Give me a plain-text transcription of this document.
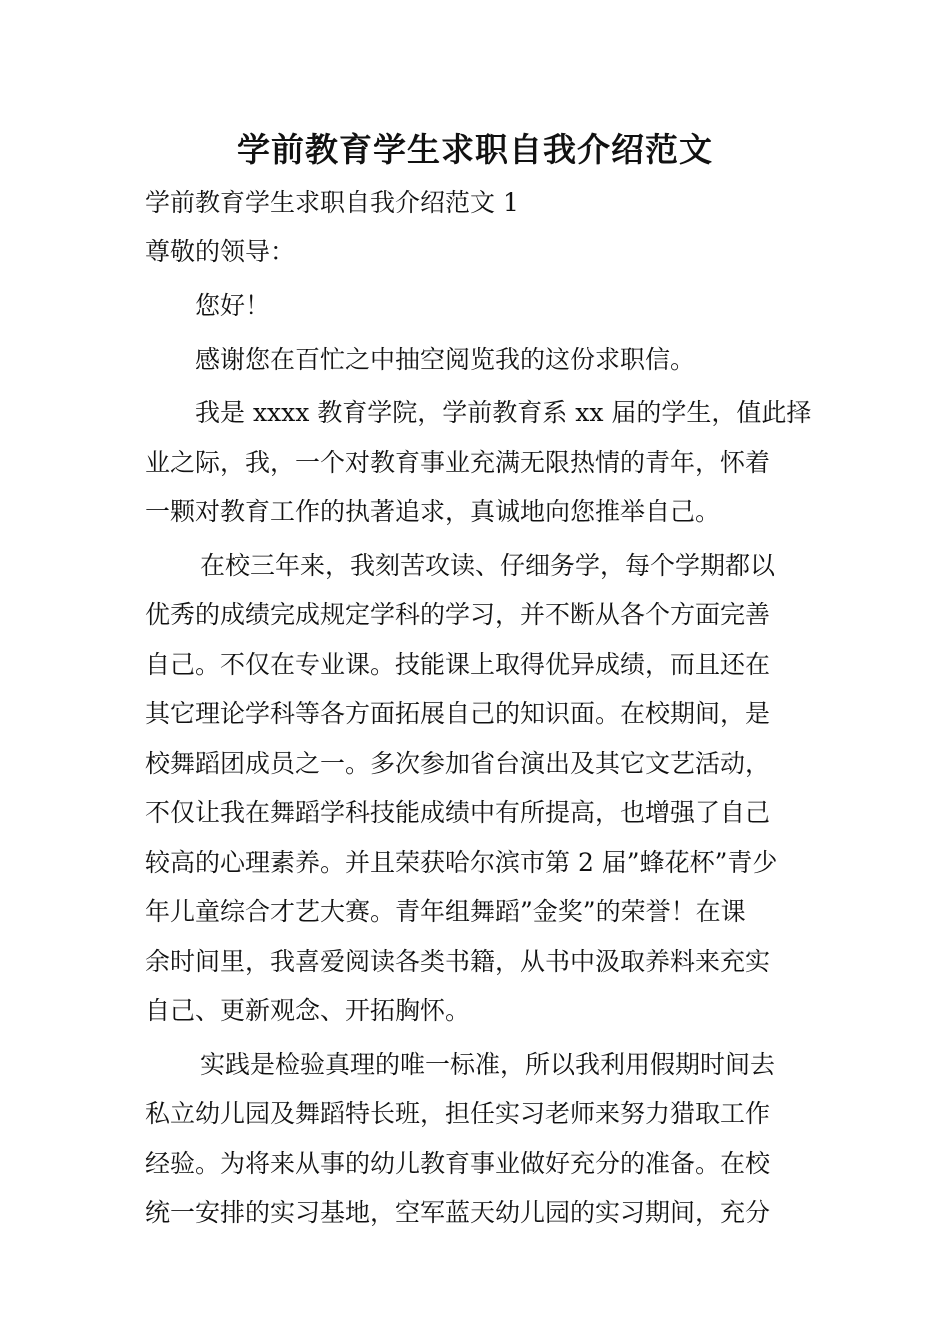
学前教育学生求职自我介绍范文
学前教育学生求职自我介绍范文 1
尊敬的领导：
您好！
感谢您在百忙之中抽空阅览我的这份求职信。
我是 xxxx 教育学院，学前教育系 xx 届的学生，值此择
业之际，我，一个对教育事业充满无限热情的青年，怀着
一颗对教育工作的执著追求，真诚地向您推举自己。
在校三年来，我刻苦攻读、仔细务学，每个学期都以
优秀的成绩完成规定学科的学习，并不断从各个方面完善
自己。不仅在专业课。技能课上取得优异成绩，而且还在
其它理论学科等各方面拓展自己的知识面。在校期间，是
校舞蹈团成员之一。多次参加省台演出及其它文艺活动，
不仅让我在舞蹈学科技能成绩中有所提高，也增强了自己
较高的心理素养。并且荣获哈尔滨市第 2 届”蜂花杯”青少
年儿童综合才艺大赛。青年组舞蹈”金奖”的荣誉！在课
余时间里，我喜爱阅读各类书籍，从书中汲取养料来充实
自己、更新观念、开拓胸怀。
实践是检验真理的唯一标准，所以我利用假期时间去
私立幼儿园及舞蹈特长班，担任实习老师来努力猎取工作
经验。为将来从事的幼儿教育事业做好充分的准备。在校
统一安排的实习基地，空军蓝天幼儿园的实习期间，充分
